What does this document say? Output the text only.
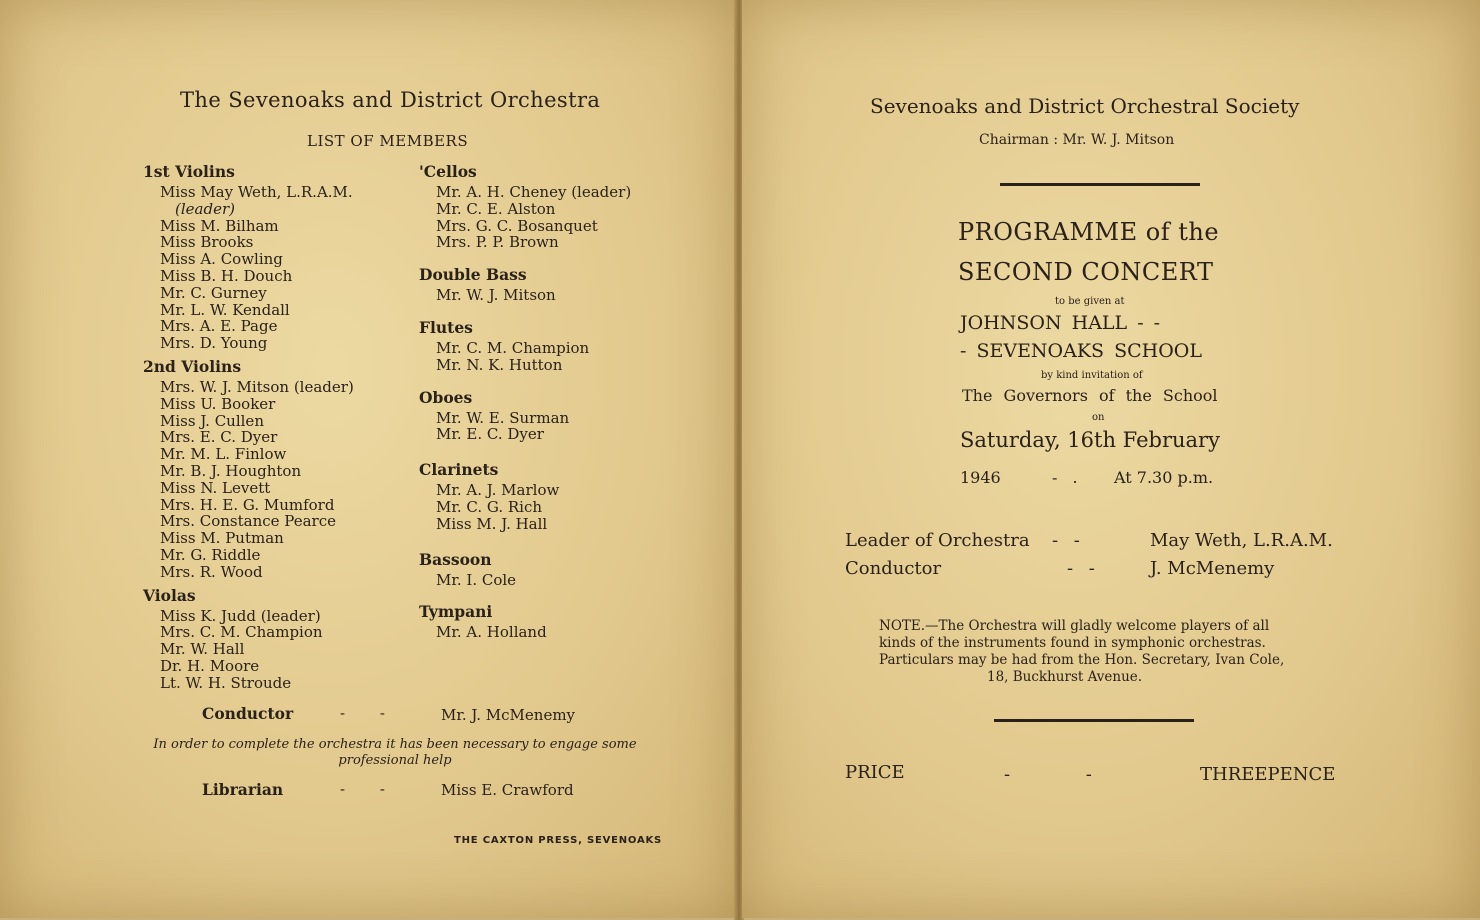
The Sevenoaks and District Orchestra
LIST OF MEMBERS
1st Violins
Miss May Weth, L.R.A.M.
(leader)
Miss M. Bilham
Miss Brooks
Miss A. Cowling
Miss B. H. Douch
Mr. C. Gurney
Mr. L. W. Kendall
Mrs. A. E. Page
Mrs. D. Young
2nd Violins
Mrs. W. J. Mitson (leader)
Miss U. Booker
Miss J. Cullen
Mrs. E. C. Dyer
Mr. M. L. Finlow
Mr. B. J. Houghton
Miss N. Levett
Mrs. H. E. G. Mumford
Mrs. Constance Pearce
Miss M. Putman
Mr. G. Riddle
Mrs. R. Wood
Violas
Miss K. Judd (leader)
Mrs. C. M. Champion
Mr. W. Hall
Dr. H. Moore
Lt. W. H. Stroude
'Cellos
Mr. A. H. Cheney (leader)
Mr. C. E. Alston
Mrs. G. C. Bosanquet
Mrs. P. P. Brown
Double Bass
Mr. W. J. Mitson
Flutes
Mr. C. M. Champion
Mr. N. K. Hutton
Oboes
Mr. W. E. Surman
Mr. E. C. Dyer
Clarinets
Mr. A. J. Marlow
Mr. C. G. Rich
Miss M. J. Hall
Bassoon
Mr. I. Cole
Tympani
Mr. A. Holland
Conductor	- -	Mr. J. McMenemy
In order to complete the orchestra it has been necessary to engage some professional help
Librarian	- -	Miss E. Crawford
THE CAXTON PRESS, SEVENOAKS
Sevenoaks and District Orchestral Society
Chairman : Mr. W. J. Mitson
PROGRAMME of the
SECOND CONCERT
to be given at
JOHNSON HALL - -
- SEVENOAKS SCHOOL
by kind invitation of
The Governors of the School
on
Saturday, 16th February
1946	- . At 7.30 p.m.
Leader of Orchestra - -	May Weth, L.R.A.M.
Conductor	- -	J. McMenemy
NOTE.—The Orchestra will gladly welcome players of all
kinds of the instruments found in symphonic orchestras.
Particulars may be had from the Hon. Secretary, Ivan Cole,
18, Buckhurst Avenue.
PRICE	- -	THREEPENCE
